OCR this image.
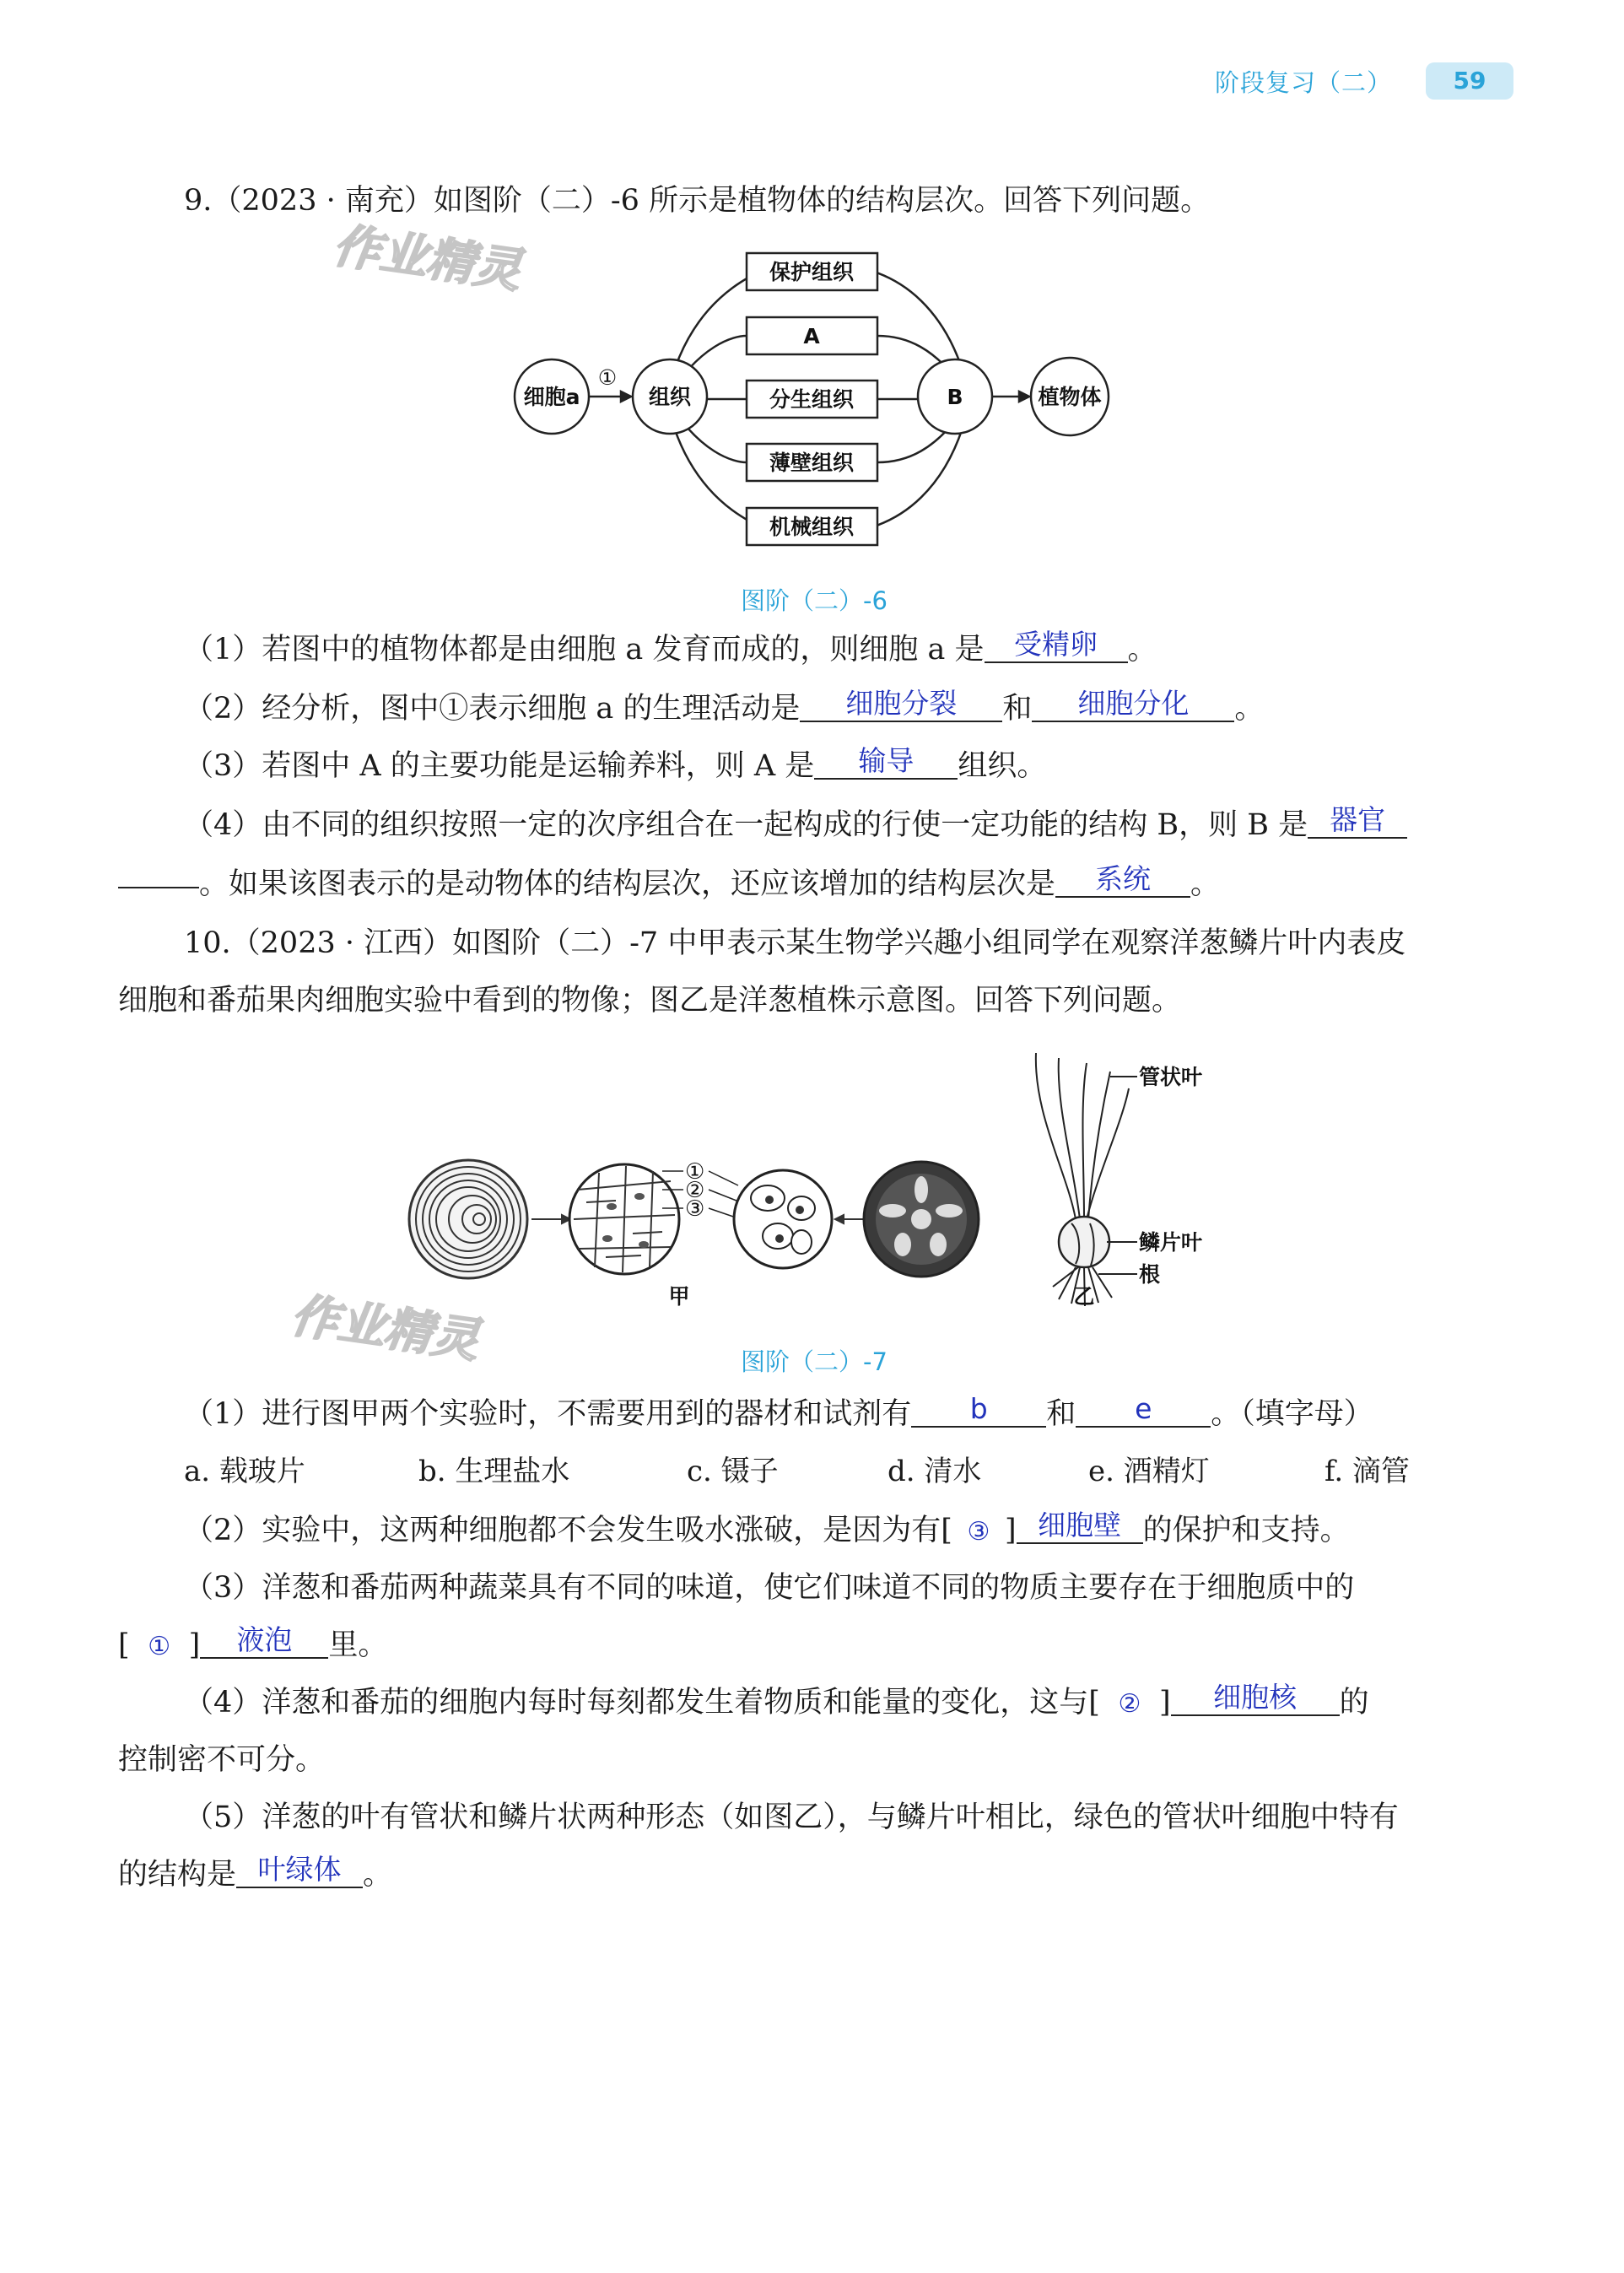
阶段复习（二）	59
作业精灵
作业精灵
9.（2023 · 南充）如图阶（二）-6 所示是植物体的结构层次。回答下列问题。
细胞a
①
组织
保护组织
A
分生组织
薄壁组织
机械组织
B	植物体
图阶（二）-6
（1）若图中的植物体都是由细胞 a 发育而成的，则细胞 a 是 受精卵 。
（2）经分析，图中①表示细胞 a 的生理活动是 细胞分裂 和 细胞分化 。
（3）若图中 A 的主要功能是运输养料，则 A 是 输导 组织。
（4）由不同的组织按照一定的次序组合在一起构成的行使一定功能的结构 B，则 B 是 器官
。如果该图表示的是动物体的结构层次，还应该增加的结构层次是 系统 。
10.（2023 · 江西）如图阶（二）-7 中甲表示某生物学兴趣小组同学在观察洋葱鳞片叶内表皮
细胞和番茄果肉细胞实验中看到的物像；图乙是洋葱植株示意图。回答下列问题。
①
②
③
管状叶
鳞片叶
根
甲	乙
图阶（二）-7
（1）进行图甲两个实验时，不需要用到的器材和试剂有 b 和 e 。（填字母）
a. 载玻片	b. 生理盐水	c. 镊子	d. 清水	e. 酒精灯	f. 滴管
（2）实验中，这两种细胞都不会发生吸水涨破，是因为有[ ③ ] 细胞壁 的保护和支持。
（3）洋葱和番茄两种蔬菜具有不同的味道，使它们味道不同的物质主要存在于细胞质中的
[ ① ] 液泡 里。
（4）洋葱和番茄的细胞内每时每刻都发生着物质和能量的变化，这与[ ② ] 细胞核 的
控制密不可分。
（5）洋葱的叶有管状和鳞片状两种形态（如图乙），与鳞片叶相比，绿色的管状叶细胞中特有
的结构是 叶绿体 。
